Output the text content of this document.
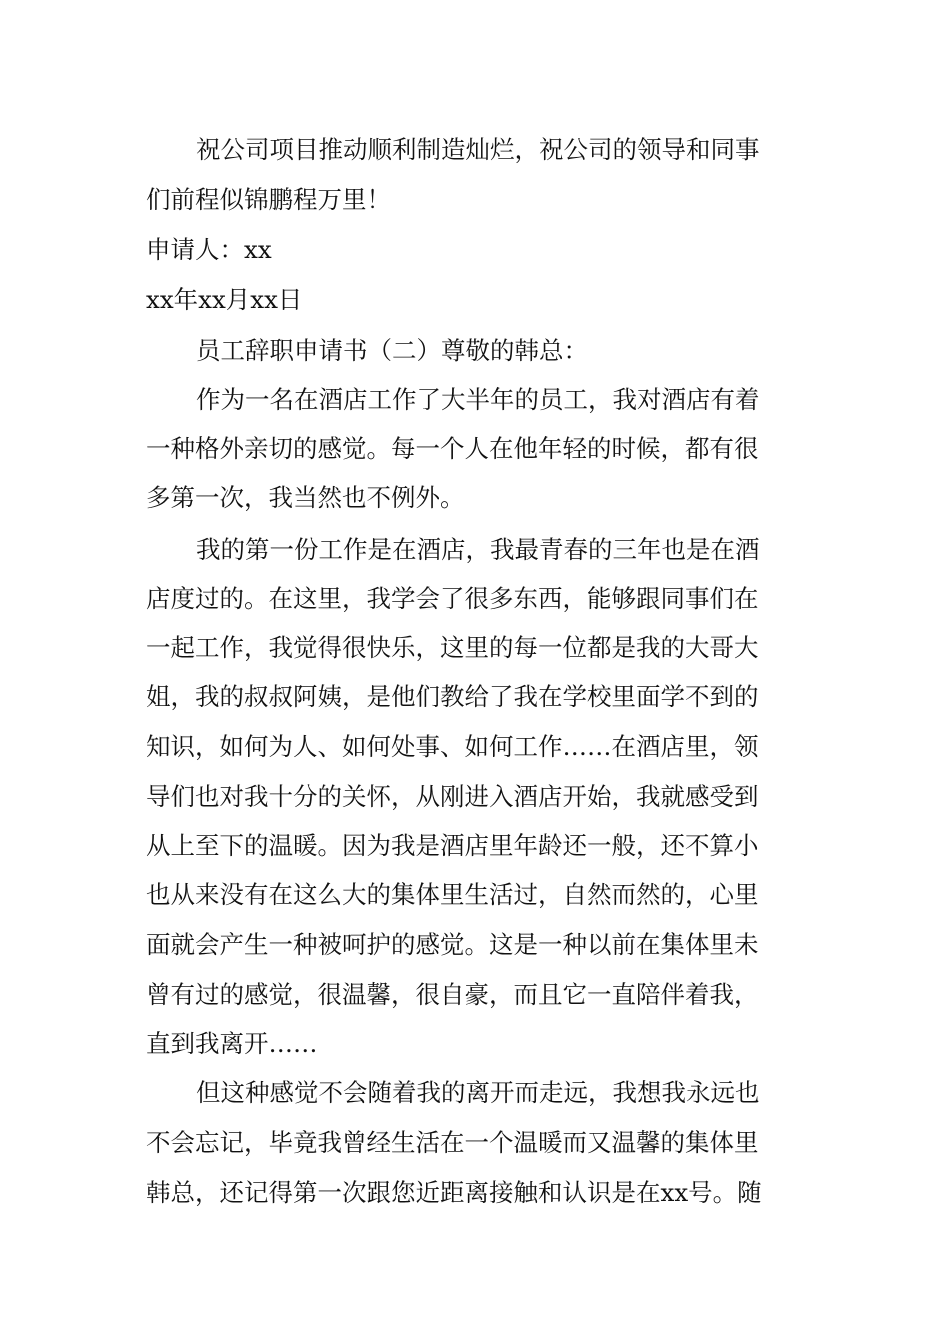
祝公司项目推动顺利制造灿烂，祝公司的领导和同事
们前程似锦鹏程万里！
申请人：xx
xx年xx月xx日
员工辞职申请书（二）尊敬的韩总：
作为一名在酒店工作了大半年的员工，我对酒店有着
一种格外亲切的感觉。每一个人在他年轻的时候，都有很
多第一次，我当然也不例外。
我的第一份工作是在酒店，我最青春的三年也是在酒
店度过的。在这里，我学会了很多东西，能够跟同事们在
一起工作，我觉得很快乐，这里的每一位都是我的大哥大
姐，我的叔叔阿姨，是他们教给了我在学校里面学不到的
知识，如何为人、如何处事、如何工作……在酒店里，领
导们也对我十分的关怀，从刚进入酒店开始，我就感受到
从上至下的温暖。因为我是酒店里年龄还一般，还不算小
也从来没有在这么大的集体里生活过，自然而然的，心里
面就会产生一种被呵护的感觉。这是一种以前在集体里未
曾有过的感觉，很温馨，很自豪，而且它一直陪伴着我，
直到我离开……
但这种感觉不会随着我的离开而走远，我想我永远也
不会忘记，毕竟我曾经生活在一个温暖而又温馨的集体里
韩总，还记得第一次跟您近距离接触和认识是在xx号。随
